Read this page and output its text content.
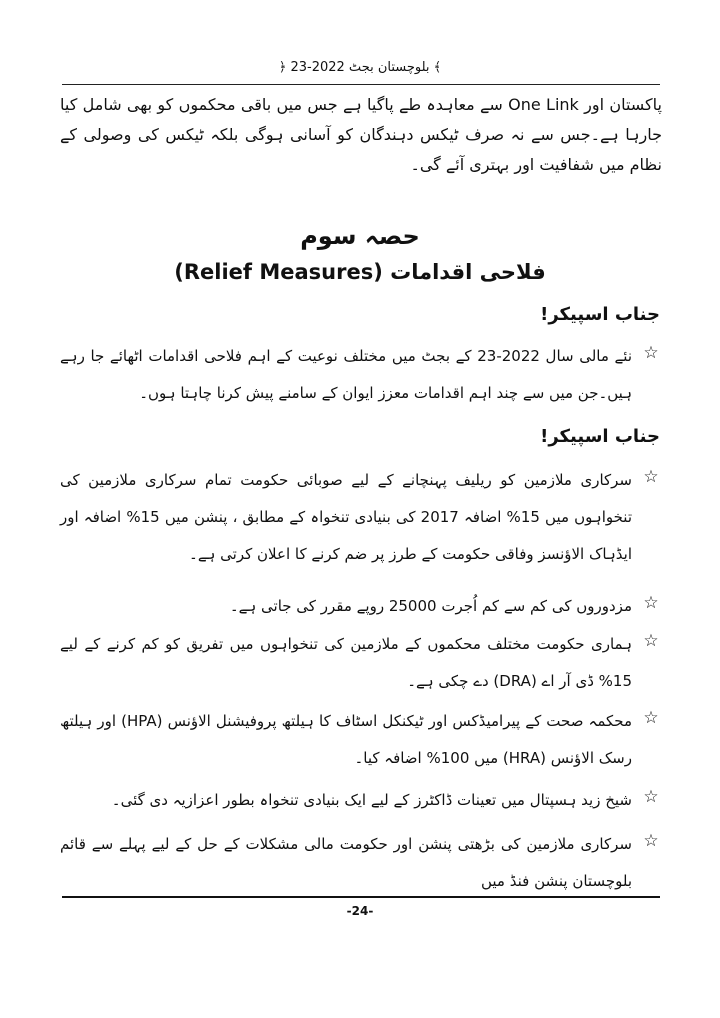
﴾ بلوچستان بجٹ 2022-23 ﴿
پاکستان اور One Link سے معاہدہ طے پاگیا ہے جس میں باقی محکموں کو بھی شامل کیا جارہا ہے۔جس سے نہ صرف ٹیکس دہندگان کو آسانی ہوگی بلکہ ٹیکس کی وصولی کے نظام میں شفافیت اور بہتری آئے گی۔
حصہ سوم
فلاحی اقدامات (Relief Measures)
جناب اسپیکر!
☆
نئے مالی سال 2022-23 کے بجٹ میں مختلف نوعیت کے اہم فلاحی اقدامات اٹھائے جا رہے ہیں۔جن میں سے چند اہم اقدامات معزز ایوان کے سامنے پیش کرنا چاہتا ہوں۔
جناب اسپیکر!
☆
سرکاری ملازمین کو ریلیف پہنچانے کے لیے صوبائی حکومت تمام سرکاری ملازمین کی تنخواہوں میں 15% اضافہ 2017 کی بنیادی تنخواہ کے مطابق ، پنشن میں 15% اضافہ اور ایڈہاک الاؤنسز وفاقی حکومت کے طرز پر ضم کرنے کا اعلان کرتی ہے۔
☆
مزدوروں کی کم سے کم اُجرت 25000 روپے مقرر کی جاتی ہے۔
☆
ہماری حکومت مختلف محکموں کے ملازمین کی تنخواہوں میں تفریق کو کم کرنے کے لیے 15% ڈی آر اے (DRA) دے چکی ہے۔
☆
محکمہ صحت کے پیرامیڈکس اور ٹیکنکل اسٹاف کا ہیلتھ پروفیشنل الاؤنس (HPA) اور ہیلتھ رسک الاؤنس (HRA) میں 100% اضافہ کیا۔
☆
شیخ زید ہسپتال میں تعینات ڈاکٹرز کے لیے ایک بنیادی تنخواہ بطور اعزازیہ دی گئی۔
☆
سرکاری ملازمین کی بڑھتی پنشن اور حکومت مالی مشکلات کے حل کے لیے پہلے سے قائم بلوچستان پنشن فنڈ میں
-24-
